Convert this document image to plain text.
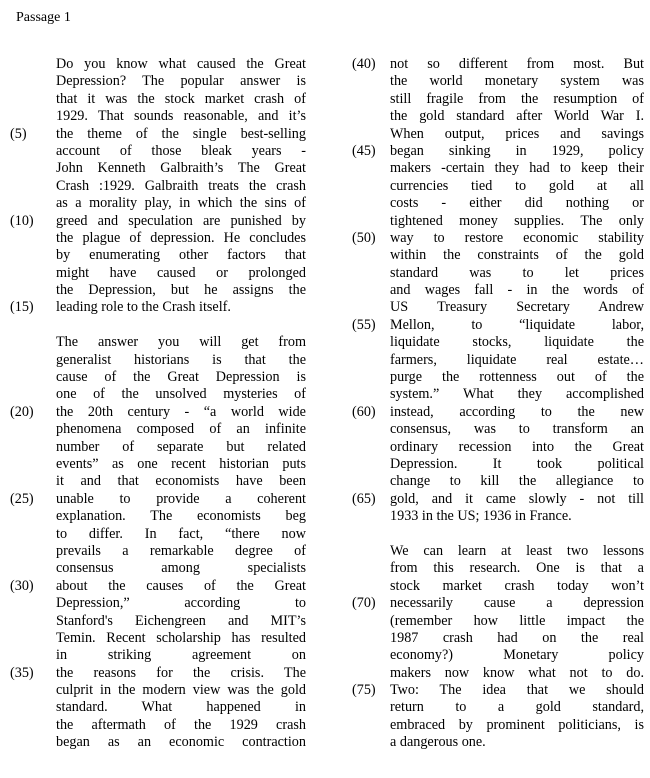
Passage 1
Do you know what caused the Great
Depression? The popular answer is
that it was the stock market crash of
1929. That sounds reasonable, and it’s
(5) the theme of the single best-selling
account of those bleak years -
John Kenneth Galbraith’s The Great
Crash :1929. Galbraith treats the crash
as a morality play, in which the sins of
(10) greed and speculation are punished by
the plague of depression. He concludes
by enumerating other factors that
might have caused or prolonged
the Depression, but he assigns the
(15) leading role to the Crash itself.
The answer you will get from
generalist historians is that the
cause of the Great Depression is
one of the unsolved mysteries of
(20) the 20th century - “a world wide
phenomena composed of an infinite
number of separate but related
events” as one recent historian puts
it and that economists have been
(25) unable to provide a coherent
explanation. The economists beg
to differ. In fact, “there now
prevails a remarkable degree of
consensus among specialists
(30) about the causes of the Great
Depression,” according to
Stanford's Eichengreen and MIT’s
Temin. Recent scholarship has resulted
in striking agreement on
(35) the reasons for the crisis. The
culprit in the modern view was the gold
standard. What happened in
the aftermath of the 1929 crash
began as an economic contraction
(40) not so different from most. But
the world monetary system was
still fragile from the resumption of
the gold standard after World War I.
When output, prices and savings
(45) began sinking in 1929, policy
makers -certain they had to keep their
currencies tied to gold at all
costs - either did nothing or
tightened money supplies. The only
(50) way to restore economic stability
within the constraints of the gold
standard was to let prices
and wages fall - in the words of
US Treasury Secretary Andrew
(55) Mellon, to “liquidate labor,
liquidate stocks, liquidate the
farmers, liquidate real estate…
purge the rottenness out of the
system.” What they accomplished
(60) instead, according to the new
consensus, was to transform an
ordinary recession into the Great
Depression. It took political
change to kill the allegiance to
(65) gold, and it came slowly - not till
1933 in the US; 1936 in France.
We can learn at least two lessons
from this research. One is that a
stock market crash today won’t
(70) necessarily cause a depression
(remember how little impact the
1987 crash had on the real
economy?) Monetary policy
makers now know what not to do.
(75) Two: The idea that we should
return to a gold standard,
embraced by prominent politicians, is
a dangerous one.
